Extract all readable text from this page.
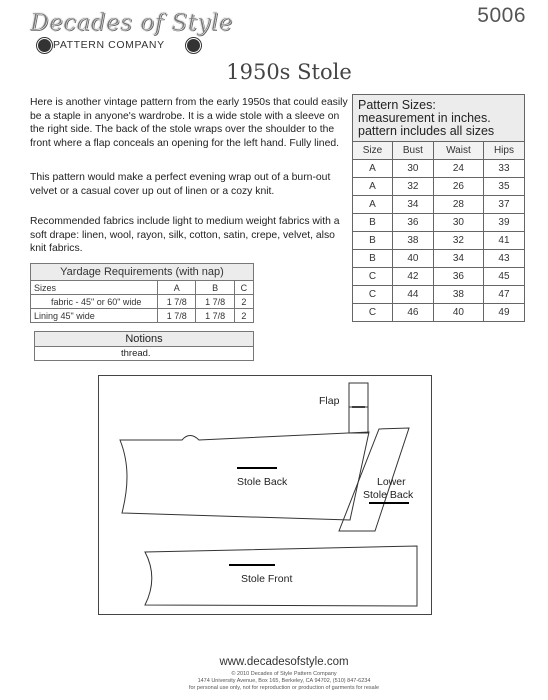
Decades of Style
PATTERN COMPANY
5006
1950s Stole
Here is another vintage pattern from the early 1950s that could easily be a staple in anyone's wardrobe. It is a wide stole with a sleeve on the right side. The back of the stole wraps over the shoulder to the front where a flap conceals an opening for the left hand. Fully lined.
This pattern would make a perfect evening wrap out of a burn-out velvet or a casual cover up out of linen or a cozy knit.
Recommended fabrics include light to medium weight fabrics with a soft drape: linen, wool, rayon, silk, cotton, satin, crepe, velvet, also knit fabrics.
Pattern Sizes:
measurement in inches.
pattern includes all sizes			

Size	Bust	Waist	Hips
A	30	24	33
A	32	26	35
A	34	28	37
B	36	30	39
B	38	32	41
B	40	34	43
C	42	36	45
C	44	38	47
C	46	40	49
Yardage Requirements (with nap)			
Sizes	A	B	C
fabric - 45" or 60" wide	1 7/8	1 7/8	2
Lining 45" wide	1 7/8	1 7/8	2
Notions
thread.
Flap
Stole Back	Lower
Stole Back
Stole Front
www.decadesofstyle.com
© 2010 Decades of Style Pattern Company
1474 University Avenue, Box 165, Berkeley, CA 94702, (510) 847-6234
for personal use only, not for reproduction or production of garments for resale
